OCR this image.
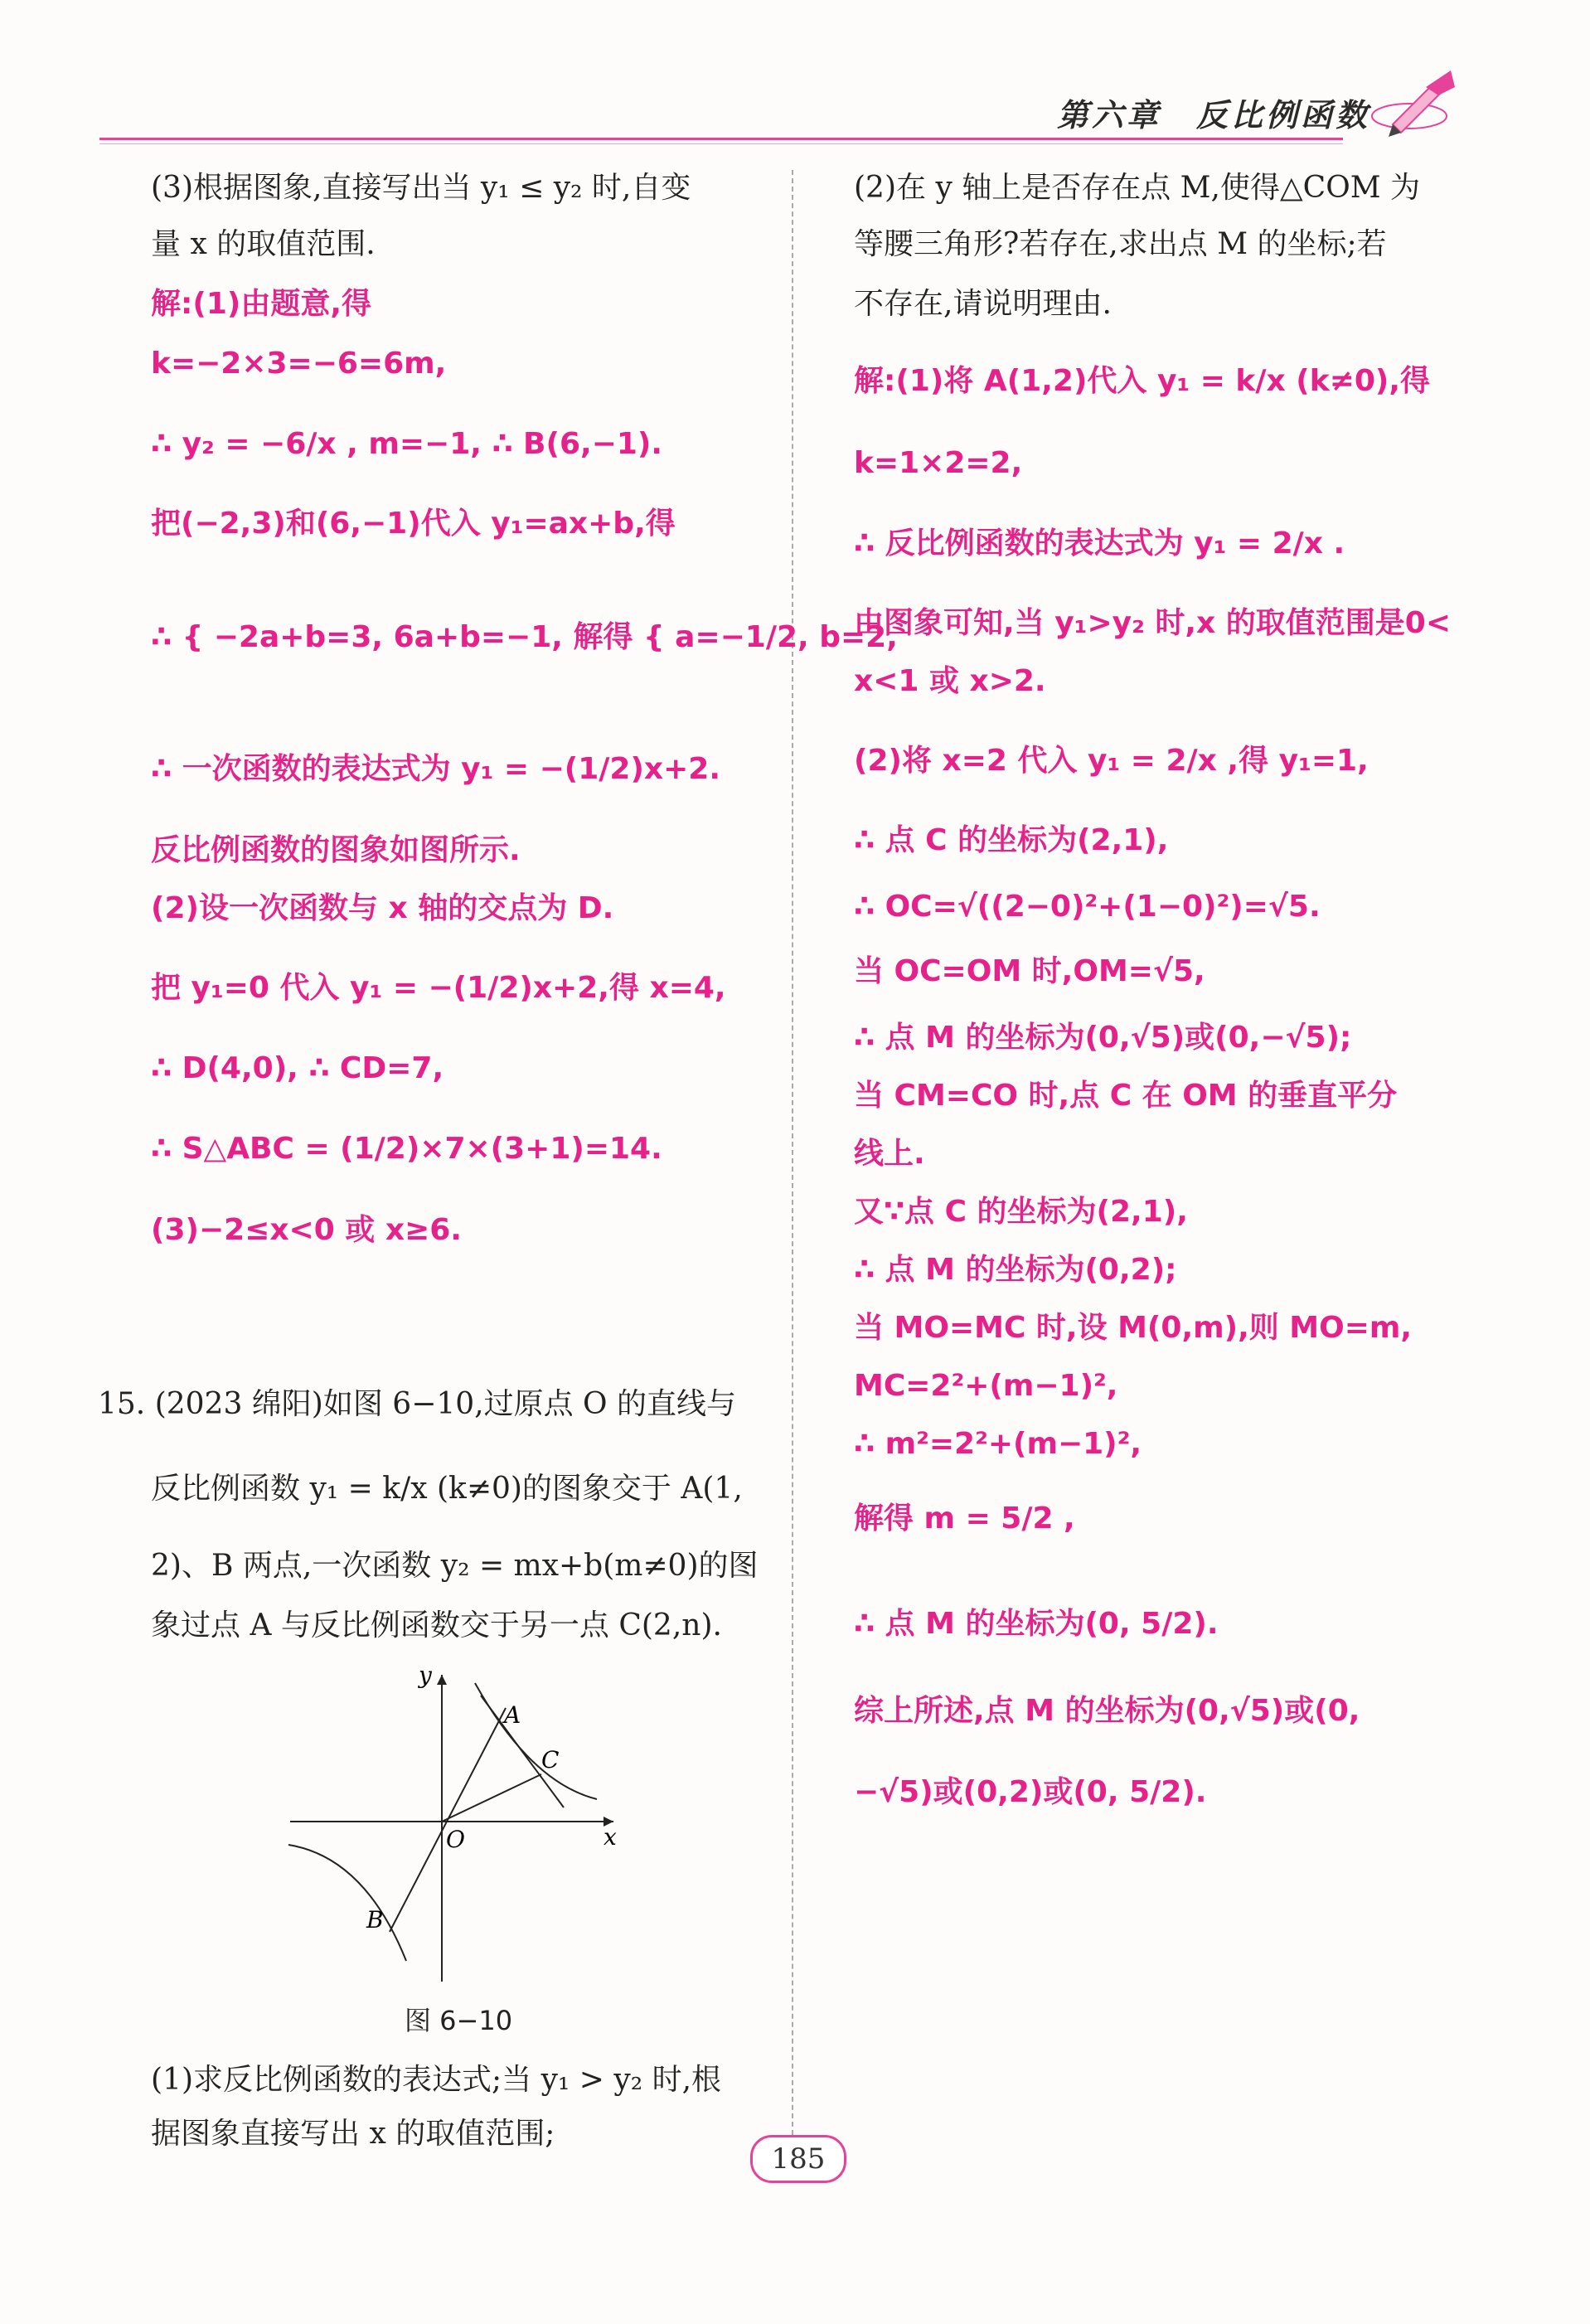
第六章　反比例函数
(3)根据图象,直接写出当 y₁ ≤ y₂ 时,自变
量 x 的取值范围.
解:(1)由题意,得
k=−2×3=−6=6m,
∴ y₂ = −6/x , m=−1, ∴ B(6,−1).
把(−2,3)和(6,−1)代入 y₁=ax+b,得
∴ { −2a+b=3, 6a+b=−1, 解得 { a=−1/2, b=2,
∴ 一次函数的表达式为 y₁ = −(1/2)x+2.
反比例函数的图象如图所示.
(2)设一次函数与 x 轴的交点为 D.
把 y₁=0 代入 y₁ = −(1/2)x+2,得 x=4,
∴ D(4,0), ∴ CD=7,
∴ S△ABC = (1/2)×7×(3+1)=14.
(3)−2≤x<0 或 x≥6.
15. (2023 绵阳)如图 6−10,过原点 O 的直线与
反比例函数 y₁ = k/x (k≠0)的图象交于 A(1,
2)、B 两点,一次函数 y₂ = mx+b(m≠0)的图
象过点 A 与反比例函数交于另一点 C(2,n).
y
x
O
A
C
B
图 6−10
(1)求反比例函数的表达式;当 y₁ > y₂ 时,根
据图象直接写出 x 的取值范围;
(2)在 y 轴上是否存在点 M,使得△COM 为
等腰三角形?若存在,求出点 M 的坐标;若
不存在,请说明理由.
解:(1)将 A(1,2)代入 y₁ = k/x (k≠0),得
k=1×2=2,
∴ 反比例函数的表达式为 y₁ = 2/x .
由图象可知,当 y₁>y₂ 时,x 的取值范围是0<
x<1 或 x>2.
(2)将 x=2 代入 y₁ = 2/x ,得 y₁=1,
∴ 点 C 的坐标为(2,1),
∴ OC=√((2−0)²+(1−0)²)=√5.
当 OC=OM 时,OM=√5,
∴ 点 M 的坐标为(0,√5)或(0,−√5);
当 CM=CO 时,点 C 在 OM 的垂直平分
线上.
又∵点 C 的坐标为(2,1),
∴ 点 M 的坐标为(0,2);
当 MO=MC 时,设 M(0,m),则 MO=m,
MC=2²+(m−1)²,
∴ m²=2²+(m−1)²,
解得 m = 5/2 ,
∴ 点 M 的坐标为(0, 5/2).
综上所述,点 M 的坐标为(0,√5)或(0,
−√5)或(0,2)或(0, 5/2).
185
